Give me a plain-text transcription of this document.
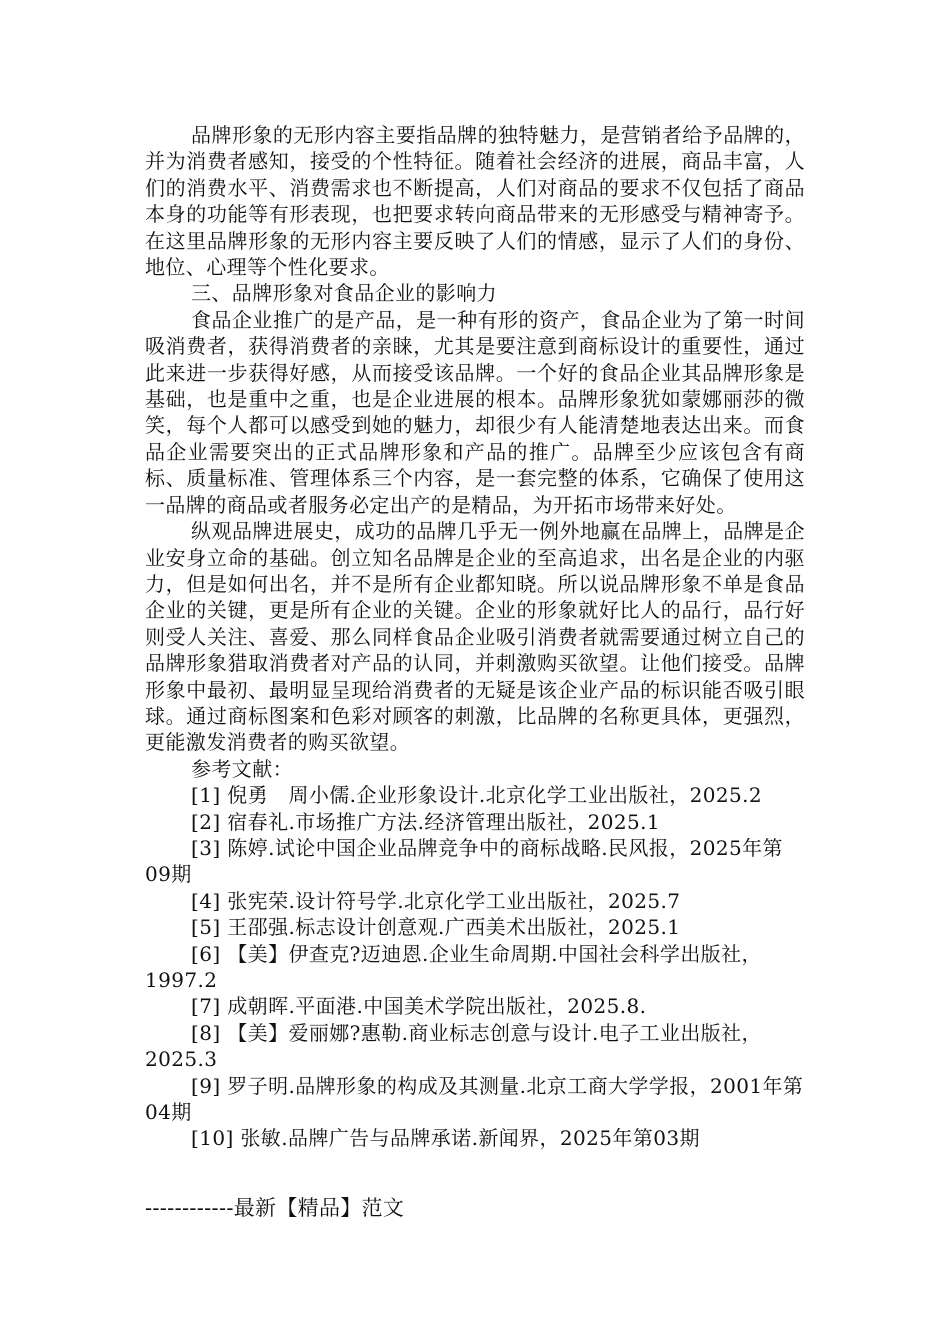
品牌形象的无形内容主要指品牌的独特魅力，是营销者给予品牌的，并为消费者感知，接受的个性特征。随着社会经济的进展，商品丰富，人们的消费水平、消费需求也不断提高，人们对商品的要求不仅包括了商品本身的功能等有形表现，也把要求转向商品带来的无形感受与精神寄予。在这里品牌形象的无形内容主要反映了人们的情感，显示了人们的身份、地位、心理等个性化要求。

三、品牌形象对食品企业的影响力

食品企业推广的是产品，是一种有形的资产，食品企业为了第一时间吸消费者，获得消费者的亲睐，尤其是要注意到商标设计的重要性，通过此来进一步获得好感，从而接受该品牌。一个好的食品企业其品牌形象是基础，也是重中之重，也是企业进展的根本。品牌形象犹如蒙娜丽莎的微笑，每个人都可以感受到她的魅力，却很少有人能清楚地表达出来。而食品企业需要突出的正式品牌形象和产品的推广。品牌至少应该包含有商标、质量标准、管理体系三个内容，是一套完整的体系，它确保了使用这一品牌的商品或者服务必定出产的是精品，为开拓市场带来好处。

纵观品牌进展史，成功的品牌几乎无一例外地赢在品牌上，品牌是企业安身立命的基础。创立知名品牌是企业的至高追求，出名是企业的内驱力，但是如何出名，并不是所有企业都知晓。所以说品牌形象不单是食品企业的关键，更是所有企业的关键。企业的形象就好比人的品行，品行好则受人关注、喜爱、那么同样食品企业吸引消费者就需要通过树立自己的品牌形象猎取消费者对产品的认同，并刺激购买欲望。让他们接受。品牌形象中最初、最明显呈现给消费者的无疑是该企业产品的标识能否吸引眼球。通过商标图案和色彩对顾客的刺激，比品牌的名称更具体，更强烈，更能激发消费者的购买欲望。

参考文献：

[1] 倪勇　周小儒.企业形象设计.北京化学工业出版社，2025.2
[2] 宿春礼.市场推广方法.经济管理出版社，2025.1
[3] 陈婷.试论中国企业品牌竞争中的商标战略.民风报，2025年第09期
[4] 张宪荣.设计符号学.北京化学工业出版社，2025.7
[5] 王邵强.标志设计创意观.广西美术出版社，2025.1
[6] 【美】伊查克?迈迪恩.企业生命周期.中国社会科学出版社，1997.2
[7] 成朝晖.平面港.中国美术学院出版社，2025.8.
[8] 【美】爱丽娜?惠勒.商业标志创意与设计.电子工业出版社，2025.3
[9] 罗子明.品牌形象的构成及其测量.北京工商大学学报，2001年第04期
[10] 张敏.品牌广告与品牌承诺.新闻界，2025年第03期
------------最新【精品】范文
